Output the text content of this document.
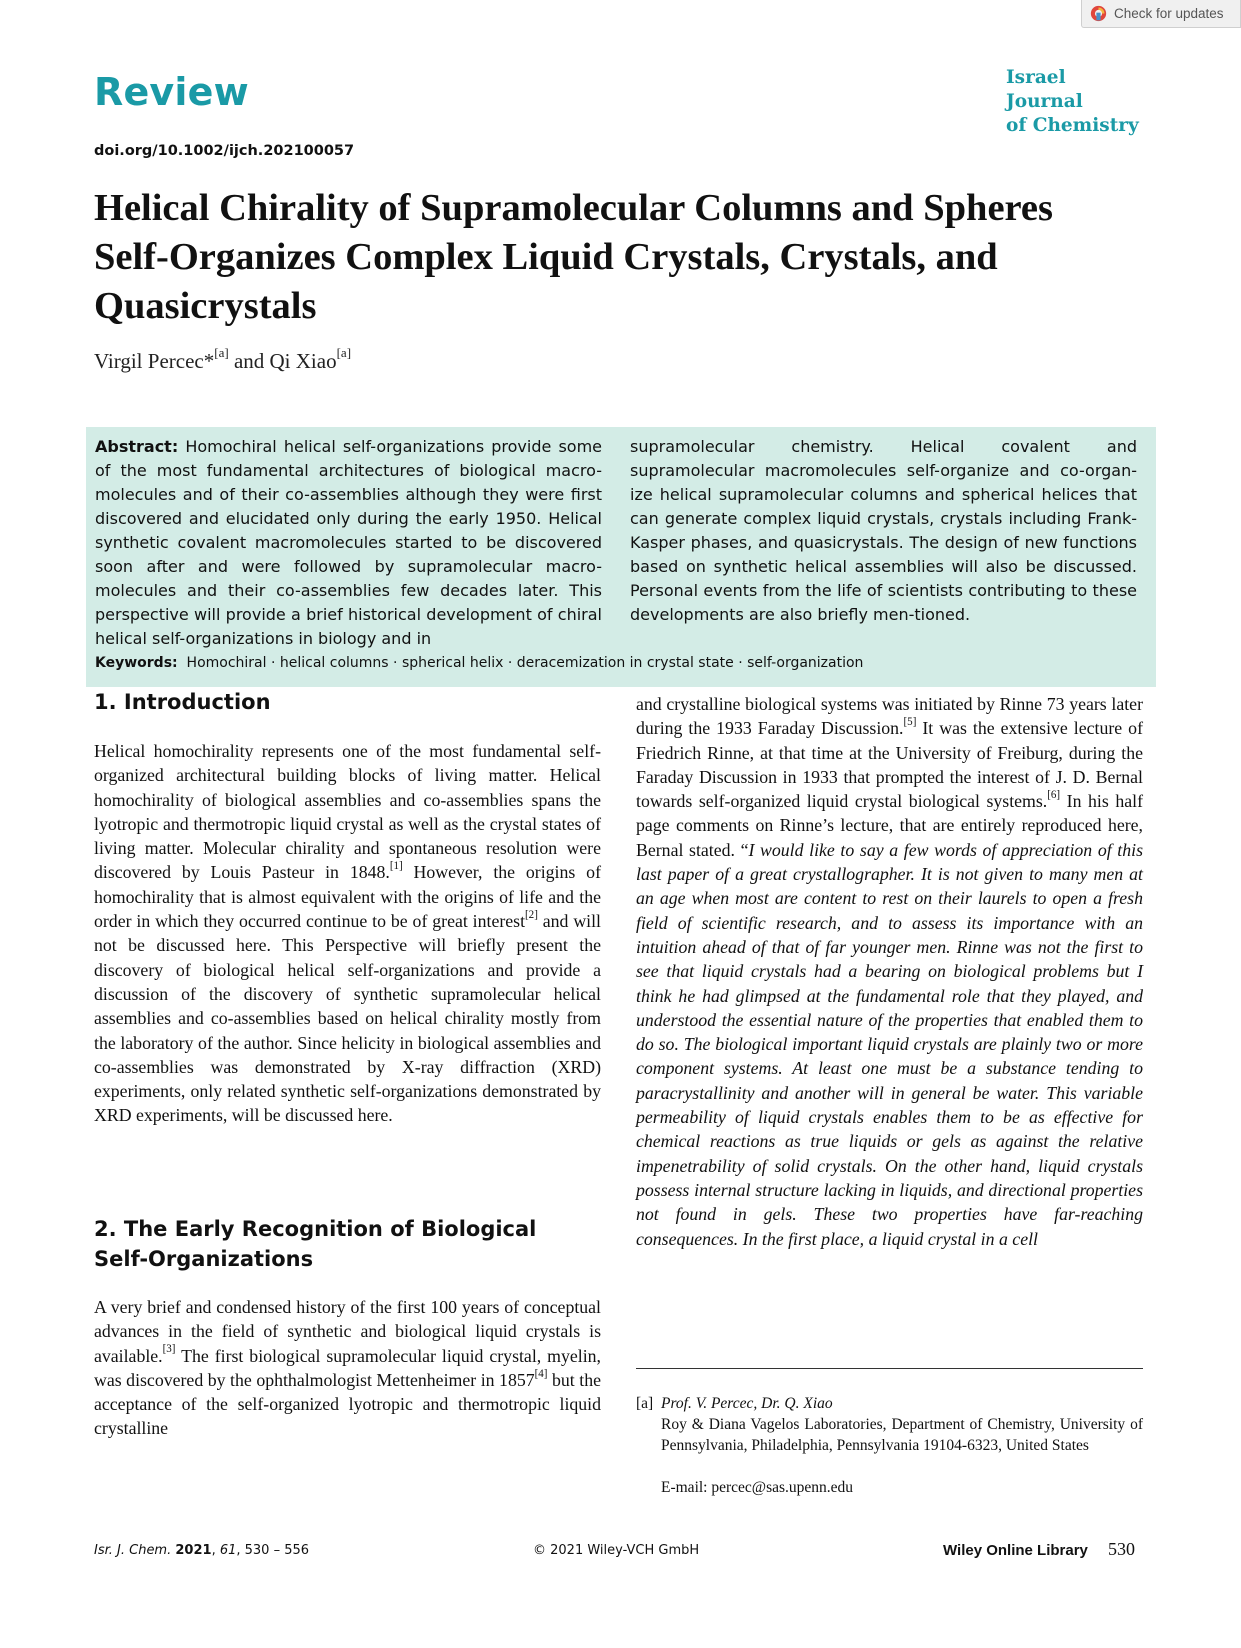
Check for updates
Review	Israel Journal
of Chemistry
doi.org/10.1002/ijch.202100057
Helical Chirality of Supramolecular Columns and Spheres
Self-Organizes Complex Liquid Crystals, Crystals, and
Quasicrystals
Virgil Percec*[a] and Qi Xiao[a]

Abstract: Homochiral helical self-organizations provide some of the most fundamental architectures of biological macro-molecules and of their co-assemblies although they were first discovered and elucidated only during the early 1950. Helical synthetic covalent macromolecules started to be discovered soon after and were followed by supramolecular macro-molecules and their co-assemblies few decades later. This perspective will provide a brief historical development of chiral helical self-organizations in biology and in

supramolecular chemistry. Helical covalent and supramolecular macromolecules self-organize and co-organ-ize helical supramolecular columns and spherical helices that can generate complex liquid crystals, crystals including Frank-Kasper phases, and quasicrystals. The design of new functions based on synthetic helical assemblies will also be discussed. Personal events from the life of scientists contributing to these developments are also briefly men-tioned.

Keywords: Homochiral · helical columns · spherical helix · deracemization in crystal state · self-organization
1. Introduction

Helical homochirality represents one of the most fundamental self-organized architectural building blocks of living matter. Helical homochirality of biological assemblies and co-assemblies spans the lyotropic and thermotropic liquid crystal as well as the crystal states of living matter. Molecular chirality and spontaneous resolution were discovered by Louis Pasteur in 1848.[1] However, the origins of homochirality that is almost equivalent with the origins of life and the order in which they occurred continue to be of great interest[2] and will not be discussed here. This Perspective will briefly present the discovery of biological helical self-organizations and provide a discussion of the discovery of synthetic supramolecular helical assemblies and co-assemblies based on helical chirality mostly from the laboratory of the author. Since helicity in biological assemblies and co-assemblies was demonstrated by X-ray diffraction (XRD) experiments, only related synthetic self-organizations demonstrated by XRD experiments, will be discussed here.

2. The Early Recognition of Biological
Self-Organizations

A very brief and condensed history of the first 100 years of conceptual advances in the field of synthetic and biological liquid crystals is available.[3] The first biological supramolecular liquid crystal, myelin, was discovered by the ophthalmologist Mettenheimer in 1857[4] but the acceptance of the self-organized lyotropic and thermotropic liquid crystalline

and crystalline biological systems was initiated by Rinne 73 years later during the 1933 Faraday Discussion.[5] It was the extensive lecture of Friedrich Rinne, at that time at the University of Freiburg, during the Faraday Discussion in 1933 that prompted the interest of J. D. Bernal towards self-organized liquid crystal biological systems.[6] In his half page comments on Rinne’s lecture, that are entirely reproduced here, Bernal stated. “I would like to say a few words of appreciation of this last paper of a great crystallographer. It is not given to many men at an age when most are content to rest on their laurels to open a fresh field of scientific research, and to assess its importance with an intuition ahead of that of far younger men. Rinne was not the first to see that liquid crystals had a bearing on biological problems but I think he had glimpsed at the fundamental role that they played, and understood the essential nature of the properties that enabled them to do so. The biological important liquid crystals are plainly two or more component systems. At least one must be a substance tending to paracrystallinity and another will in general be water. This variable permeability of liquid crystals enables them to be as effective for chemical reactions as true liquids or gels as against the relative impenetrability of solid crystals. On the other hand, liquid crystals possess internal structure lacking in liquids, and directional properties not found in gels. These two properties have far-reaching consequences. In the first place, a liquid crystal in a cell

[a] Prof. V. Percec, Dr. Q. Xiao
Roy & Diana Vagelos Laboratories, Department of Chemistry, University of Pennsylvania, Philadelphia, Pennsylvania 19104-6323, United States
E-mail: percec@sas.upenn.edu
Isr. J. Chem. 2021, 61, 530 – 556	© 2021 Wiley-VCH GmbH	Wiley Online Library 530
